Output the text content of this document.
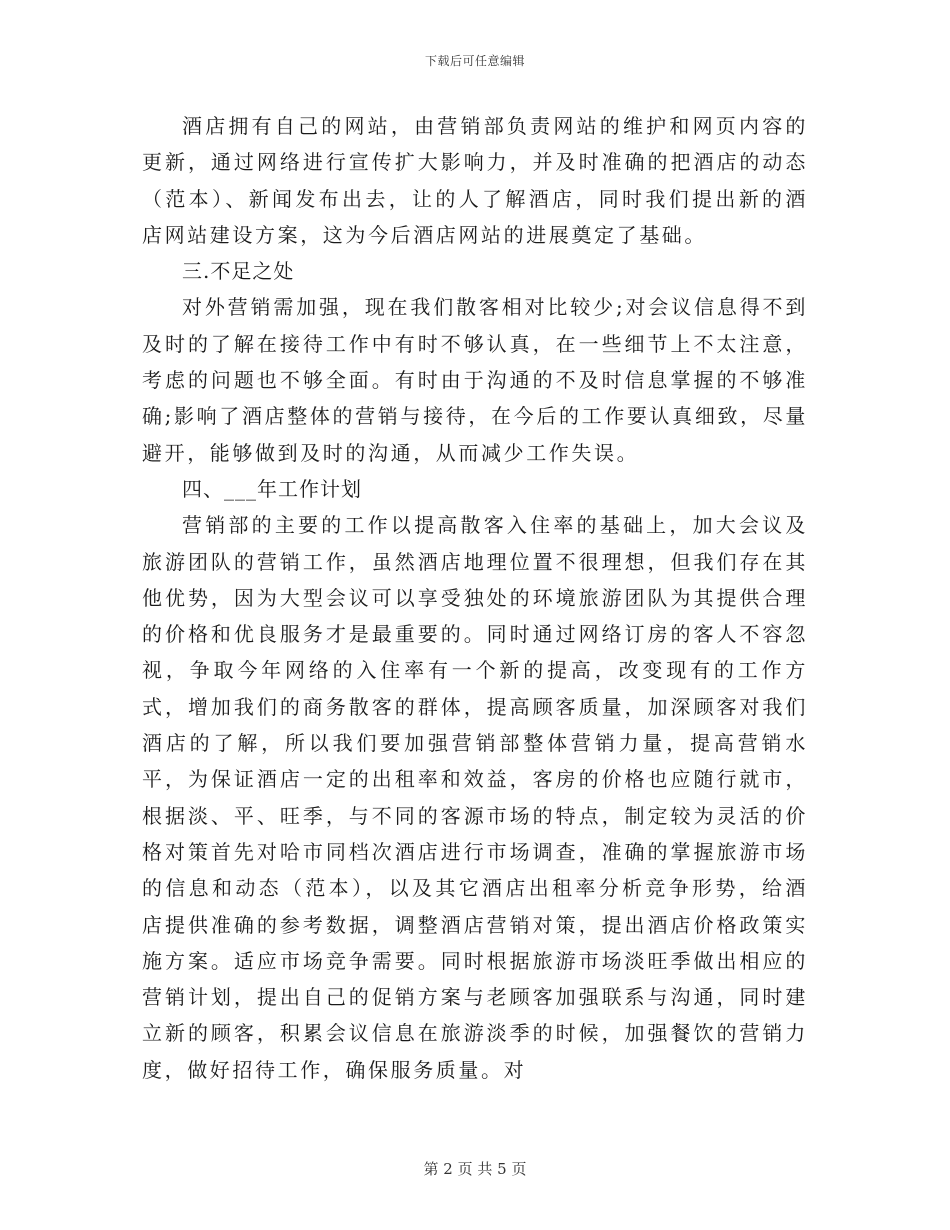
下载后可任意编辑

酒店拥有自己的网站，由营销部负责网站的维护和网页内容的更新，通过网络进行宣传扩大影响力，并及时准确的把酒店的动态（范本）、新闻发布出去，让的人了解酒店，同时我们提出新的酒店网站建设方案，这为今后酒店网站的进展奠定了基础。

三.不足之处

对外营销需加强，现在我们散客相对比较少;对会议信息得不到及时的了解在接待工作中有时不够认真，在一些细节上不太注意，考虑的问题也不够全面。有时由于沟通的不及时信息掌握的不够准确;影响了酒店整体的营销与接待，在今后的工作要认真细致，尽量避开，能够做到及时的沟通，从而减少工作失误。

四、___年工作计划

营销部的主要的工作以提高散客入住率的基础上，加大会议及旅游团队的营销工作，虽然酒店地理位置不很理想，但我们存在其他优势，因为大型会议可以享受独处的环境旅游团队为其提供合理的价格和优良服务才是最重要的。同时通过网络订房的客人不容忽视，争取今年网络的入住率有一个新的提高，改变现有的工作方式，增加我们的商务散客的群体，提高顾客质量，加深顾客对我们酒店的了解，所以我们要加强营销部整体营销力量，提高营销水平，为保证酒店一定的出租率和效益，客房的价格也应随行就市，根据淡、平、旺季，与不同的客源市场的特点，制定较为灵活的价格对策首先对哈市同档次酒店进行市场调查，准确的掌握旅游市场的信息和动态（范本），以及其它酒店出租率分析竞争形势，给酒店提供准确的参考数据，调整酒店营销对策，提出酒店价格政策实施方案。适应市场竞争需要。同时根据旅游市场淡旺季做出相应的营销计划，提出自己的促销方案与老顾客加强联系与沟通，同时建立新的顾客，积累会议信息在旅游淡季的时候，加强餐饮的营销力度，做好招待工作，确保服务质量。对

第 2 页 共 5 页
